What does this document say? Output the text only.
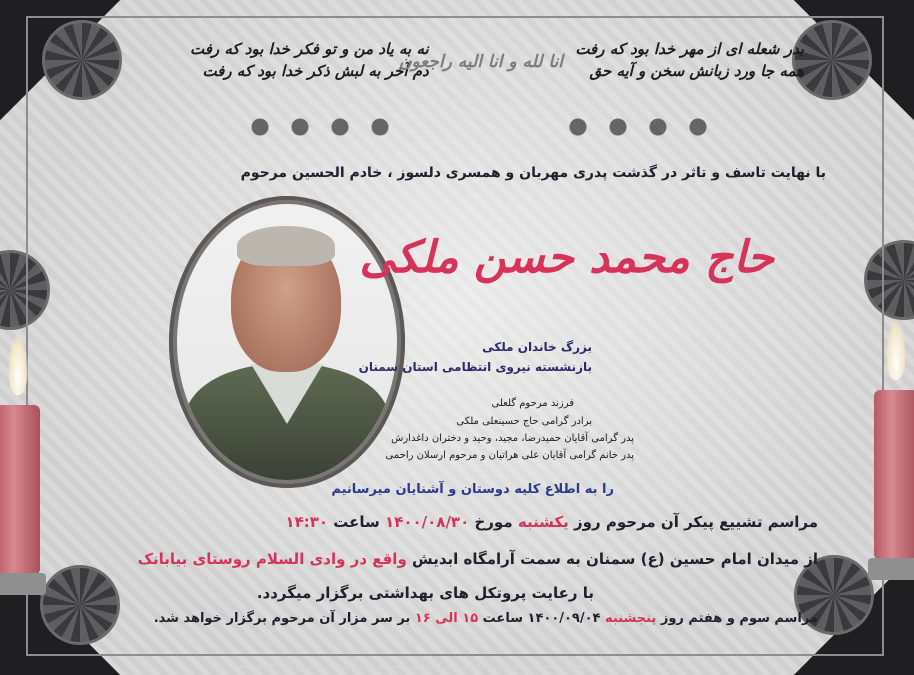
بدر شعله ای از مهر خدا بود که رفت
همه جا ورد زبانش سخن و آیه حق
نه به یاد من و تو فکر خدا بود که رفت
دم آخر به لبش ذکر خدا بود که رفت
انا لله و انا الیه راجعون
با نهایت تاسف و تاثر در گذشت پدری مهربان و همسری دلسوز ، خادم الحسین مرحوم
حاج محمد حسن ملکی
بزرگ خاندان ملکی
بازنشسته نیروی انتظامی استان سمنان
فرزند مرحوم گلعلی
برادر گرامی حاج حسینعلی ملکی
پدر گرامی آقایان حمیدرضا، مجید، وحید و دختران داغدارش
پدر خانم گرامی آقایان علی هراتیان و مرحوم ارسلان راحمی
را به اطلاع کلیه دوستان و آشنایان میرسانیم
مراسم تشییع پیکر آن مرحوم روز یکشنبه مورخ ۱۴۰۰/۰۸/۳۰ ساعت ۱۴:۳۰
از میدان امام حسین (ع) سمنان به سمت آرامگاه ابدیش واقع در وادی السلام روستای بیابانک
با رعایت پروتکل های بهداشتی برگزار میگردد.
مراسم سوم و هفتم روز پنجشنبه ۱۴۰۰/۰۹/۰۴ ساعت ۱۵ الی ۱۶ بر سر مزار آن مرحوم برگزار خواهد شد.
از طرف خانواده های داغدار ملکی ، صبوری ، هراتیان ، راحمی ، کرکه آبادی ، بصیری فر ، ابزد فر ، انجی و کلیه اقوام وابسته
